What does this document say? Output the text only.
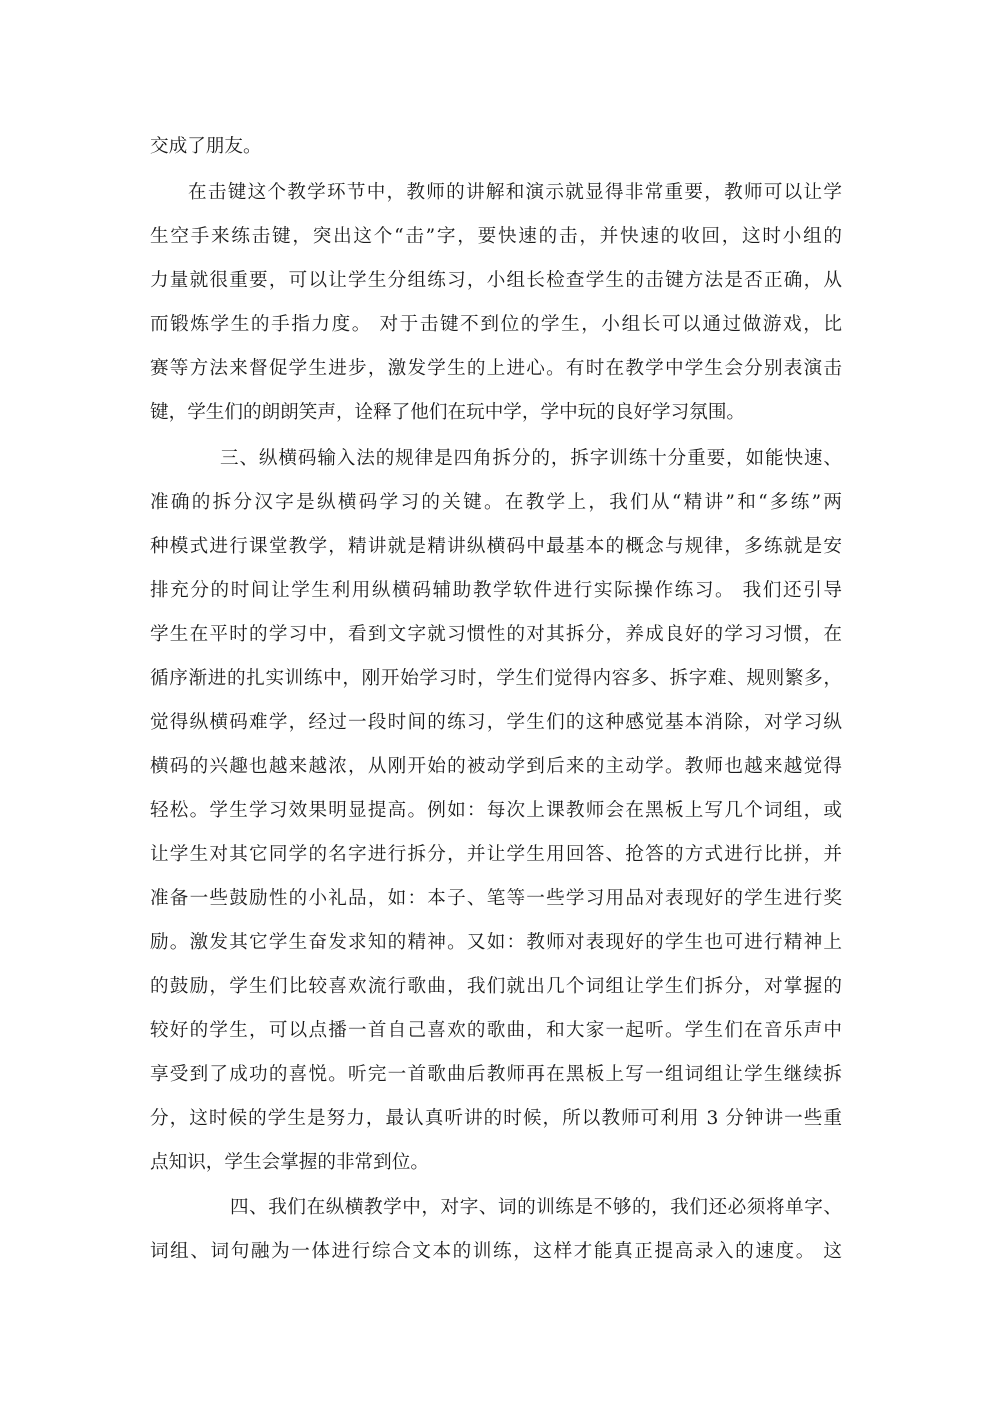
交成了朋友。
在击键这个教学环节中，教师的讲解和演示就显得非常重要，教师可以让学
生空手来练击键，突出这个“击”字，要快速的击，并快速的收回，这时小组的
力量就很重要，可以让学生分组练习，小组长检查学生的击键方法是否正确，从
而锻炼学生的手指力度。 对于击键不到位的学生，小组长可以通过做游戏，比
赛等方法来督促学生进步，激发学生的上进心。有时在教学中学生会分别表演击
键，学生们的朗朗笑声，诠释了他们在玩中学，学中玩的良好学习氛围。
三、纵横码输入法的规律是四角拆分的，拆字训练十分重要，如能快速、
准确的拆分汉字是纵横码学习的关键。在教学上，我们从“精讲”和“多练”两
种模式进行课堂教学，精讲就是精讲纵横码中最基本的概念与规律，多练就是安
排充分的时间让学生利用纵横码辅助教学软件进行实际操作练习。 我们还引导
学生在平时的学习中，看到文字就习惯性的对其拆分，养成良好的学习习惯，在
循序渐进的扎实训练中，刚开始学习时，学生们觉得内容多、拆字难、规则繁多，
觉得纵横码难学，经过一段时间的练习，学生们的这种感觉基本消除，对学习纵
横码的兴趣也越来越浓，从刚开始的被动学到后来的主动学。教师也越来越觉得
轻松。学生学习效果明显提高。例如：每次上课教师会在黑板上写几个词组，或
让学生对其它同学的名字进行拆分，并让学生用回答、抢答的方式进行比拼，并
准备一些鼓励性的小礼品，如：本子、笔等一些学习用品对表现好的学生进行奖
励。激发其它学生奋发求知的精神。又如：教师对表现好的学生也可进行精神上
的鼓励，学生们比较喜欢流行歌曲，我们就出几个词组让学生们拆分，对掌握的
较好的学生，可以点播一首自己喜欢的歌曲，和大家一起听。学生们在音乐声中
享受到了成功的喜悦。听完一首歌曲后教师再在黑板上写一组词组让学生继续拆
分，这时候的学生是努力，最认真听讲的时候，所以教师可利用 3 分钟讲一些重
点知识，学生会掌握的非常到位。
四、我们在纵横教学中，对字、词的训练是不够的，我们还必须将单字、
词组、词句融为一体进行综合文本的训练，这样才能真正提高录入的速度。 这
